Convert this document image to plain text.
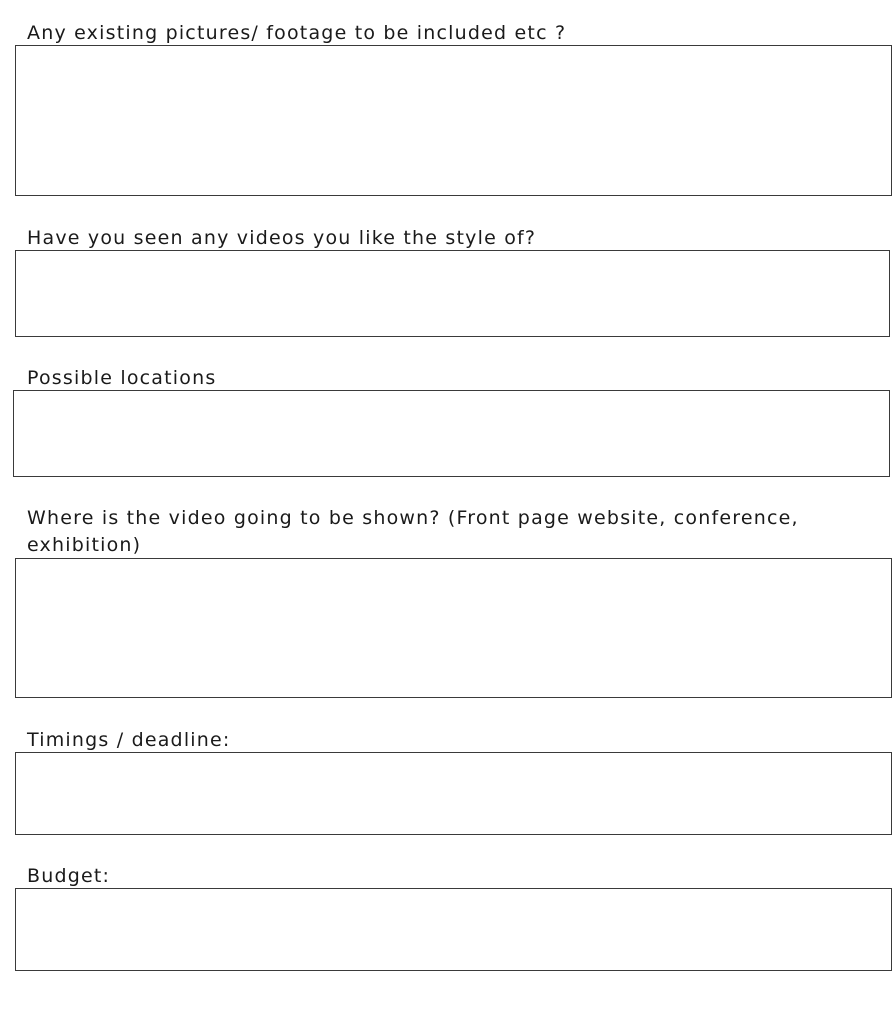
Any existing pictures/ footage to be included etc ?
Have you seen any videos you like the style of?
Possible locations
Where is the video going to be shown? (Front page website, conference,
exhibition)
Timings / deadline:
Budget:
